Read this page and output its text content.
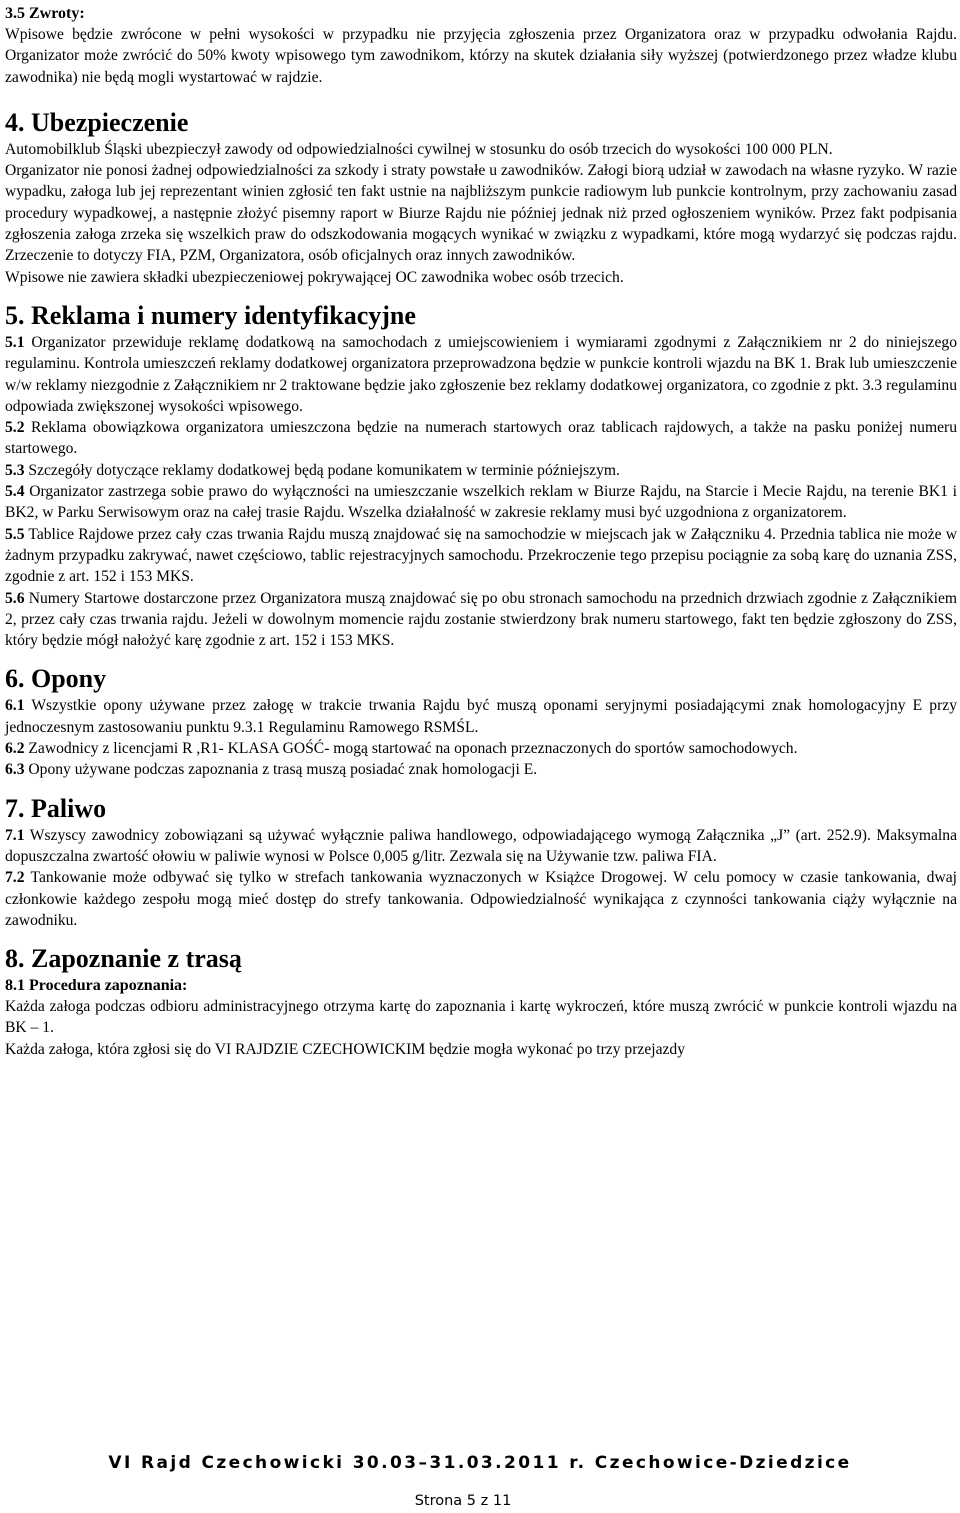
3.5 Zwroty:

Wpisowe będzie zwrócone w pełni wysokości w przypadku nie przyjęcia zgłoszenia przez Organizatora oraz w przypadku odwołania Rajdu. Organizator może zwrócić do 50% kwoty wpisowego tym zawodnikom, którzy na skutek działania siły wyższej (potwierdzonego przez władze klubu zawodnika) nie będą mogli wystartować w rajdzie.

4. Ubezpieczenie

Automobilklub Śląski ubezpieczył zawody od odpowiedzialności cywilnej w stosunku do osób trzecich do wysokości 100 000 PLN.

Organizator nie ponosi żadnej odpowiedzialności za szkody i straty powstałe u zawodników. Załogi biorą udział w zawodach na własne ryzyko. W razie wypadku, załoga lub jej reprezentant winien zgłosić ten fakt ustnie na najbliższym punkcie radiowym lub punkcie kontrolnym, przy zachowaniu zasad procedury wypadkowej, a następnie złożyć pisemny raport w Biurze Rajdu nie później jednak niż przed ogłoszeniem wyników. Przez fakt podpisania zgłoszenia załoga zrzeka się wszelkich praw do odszkodowania mogących wynikać w związku z wypadkami, które mogą wydarzyć się podczas rajdu. Zrzeczenie to dotyczy FIA, PZM, Organizatora, osób oficjalnych oraz innych zawodników.

Wpisowe nie zawiera składki ubezpieczeniowej pokrywającej OC zawodnika wobec osób trzecich.

5. Reklama i numery identyfikacyjne

5.1 Organizator przewiduje reklamę dodatkową na samochodach z umiejscowieniem i wymiarami zgodnymi z Załącznikiem nr 2 do niniejszego regulaminu. Kontrola umieszczeń reklamy dodatkowej organizatora przeprowadzona będzie w punkcie kontroli wjazdu na BK 1. Brak lub umieszczenie w/w reklamy niezgodnie z Załącznikiem nr 2 traktowane będzie jako zgłoszenie bez reklamy dodatkowej organizatora, co zgodnie z pkt. 3.3 regulaminu odpowiada zwiększonej wysokości wpisowego.

5.2 Reklama obowiązkowa organizatora umieszczona będzie na numerach startowych oraz tablicach rajdowych, a także na pasku poniżej numeru startowego.

5.3 Szczegóły dotyczące reklamy dodatkowej będą podane komunikatem w terminie późniejszym.

5.4 Organizator zastrzega sobie prawo do wyłączności na umieszczanie wszelkich reklam w Biurze Rajdu, na Starcie i Mecie Rajdu, na terenie BK1 i BK2, w Parku Serwisowym oraz na całej trasie Rajdu. Wszelka działalność w zakresie reklamy musi być uzgodniona z organizatorem.

5.5 Tablice Rajdowe przez cały czas trwania Rajdu muszą znajdować się na samochodzie w miejscach jak w Załączniku 4. Przednia tablica nie może w żadnym przypadku zakrywać, nawet częściowo, tablic rejestracyjnych samochodu. Przekroczenie tego przepisu pociągnie za sobą karę do uznania ZSS, zgodnie z art. 152 i 153 MKS.

5.6 Numery Startowe dostarczone przez Organizatora muszą znajdować się po obu stronach samochodu na przednich drzwiach zgodnie z Załącznikiem 2, przez cały czas trwania rajdu. Jeżeli w dowolnym momencie rajdu zostanie stwierdzony brak numeru startowego, fakt ten będzie zgłoszony do ZSS, który będzie mógł nałożyć karę zgodnie z art. 152 i 153 MKS.

6. Opony

6.1 Wszystkie opony używane przez załogę w trakcie trwania Rajdu być muszą oponami seryjnymi posiadającymi znak homologacyjny E przy jednoczesnym zastosowaniu punktu 9.3.1 Regulaminu Ramowego RSMŚL.

6.2 Zawodnicy z licencjami R ,R1- KLASA GOŚĆ- mogą startować na oponach przeznaczonych do sportów samochodowych.

6.3 Opony używane podczas zapoznania z trasą muszą posiadać znak homologacji E.

7. Paliwo

7.1 Wszyscy zawodnicy zobowiązani są używać wyłącznie paliwa handlowego, odpowiadającego wymogą Załącznika „J” (art. 252.9). Maksymalna dopuszczalna zwartość ołowiu w paliwie wynosi w Polsce 0,005 g/litr. Zezwala się na Używanie tzw. paliwa FIA.

7.2 Tankowanie może odbywać się tylko w strefach tankowania wyznaczonych w Książce Drogowej. W celu pomocy w czasie tankowania, dwaj członkowie każdego zespołu mogą mieć dostęp do strefy tankowania. Odpowiedzialność wynikająca z czynności tankowania ciąży wyłącznie na zawodniku.

8. Zapoznanie z trasą

8.1 Procedura zapoznania:

Każda załoga podczas odbioru administracyjnego otrzyma kartę do zapoznania i kartę wykroczeń, które muszą zwrócić w punkcie kontroli wjazdu na BK – 1.

Każda załoga, która zgłosi się do VI RAJDZIE CZECHOWICKIM będzie mogła wykonać po trzy przejazdy

VI Rajd Czechowicki 30.03–31.03.2011 r. Czechowice-Dziedzice
Strona 5 z 11
